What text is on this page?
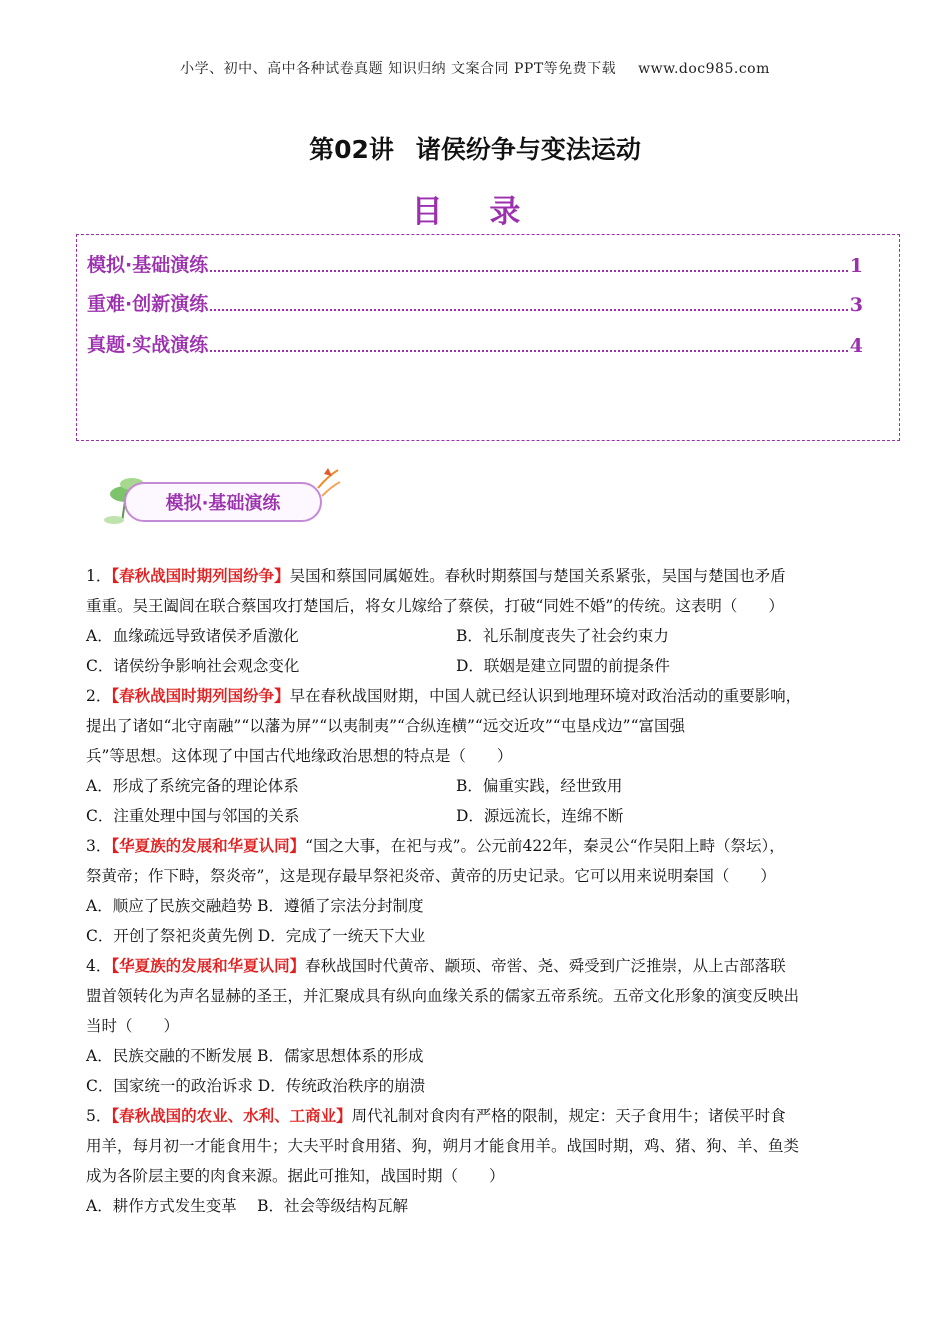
小学、初中、高中各种试卷真题 知识归纳 文案合同 PPT等免费下载 www.doc985.com
第02讲 诸侯纷争与变法运动
目 录
模拟·基础演练	1
重难·创新演练	3
真题·实战演练	4
模拟·基础演练
1．【春秋战国时期列国纷争】吴国和蔡国同属姬姓。春秋时期蔡国与楚国关系紧张，吴国与楚国也矛盾
重重。吴王阖闾在联合蔡国攻打楚国后，将女儿嫁给了蔡侯，打破“同姓不婚”的传统。这表明（　　）
A．血缘疏远导致诸侯矛盾激化	B．礼乐制度丧失了社会约束力
C．诸侯纷争影响社会观念变化	D．联姻是建立同盟的前提条件
2．【春秋战国时期列国纷争】早在春秋战国财期，中国人就已经认识到地理环境对政治活动的重要影响，
提出了诸如“北守南融”“以藩为屏”“以夷制夷”“合纵连横”“远交近攻”“屯垦戍边”“富国强
兵”等思想。这体现了中国古代地缘政治思想的特点是（　　）
A．形成了系统完备的理论体系	B．偏重实践，经世致用
C．注重处理中国与邻国的关系	D．源远流长，连绵不断
3．【华夏族的发展和华夏认同】“国之大事，在祀与戎”。公元前422年，秦灵公“作吴阳上畤（祭坛），
祭黄帝；作下畤，祭炎帝”，这是现存最早祭祀炎帝、黄帝的历史记录。它可以用来说明秦国（　　）
A．顺应了民族交融趋势 B．遵循了宗法分封制度
C．开创了祭祀炎黄先例 D．完成了一统天下大业
4．【华夏族的发展和华夏认同】春秋战国时代黄帝、颛顼、帝喾、尧、舜受到广泛推崇，从上古部落联
盟首领转化为声名显赫的圣王，并汇聚成具有纵向血缘关系的儒家五帝系统。五帝文化形象的演变反映出
当时（　　）
A．民族交融的不断发展 B．儒家思想体系的形成
C．国家统一的政治诉求 D．传统政治秩序的崩溃
5．【春秋战国的农业、水利、工商业】周代礼制对食肉有严格的限制，规定：天子食用牛；诸侯平时食
用羊，每月初一才能食用牛；大夫平时食用猪、狗，朔月才能食用羊。战国时期，鸡、猪、狗、羊、鱼类
成为各阶层主要的肉食来源。据此可推知，战国时期（　　）
A．耕作方式发生变革　 B．社会等级结构瓦解
